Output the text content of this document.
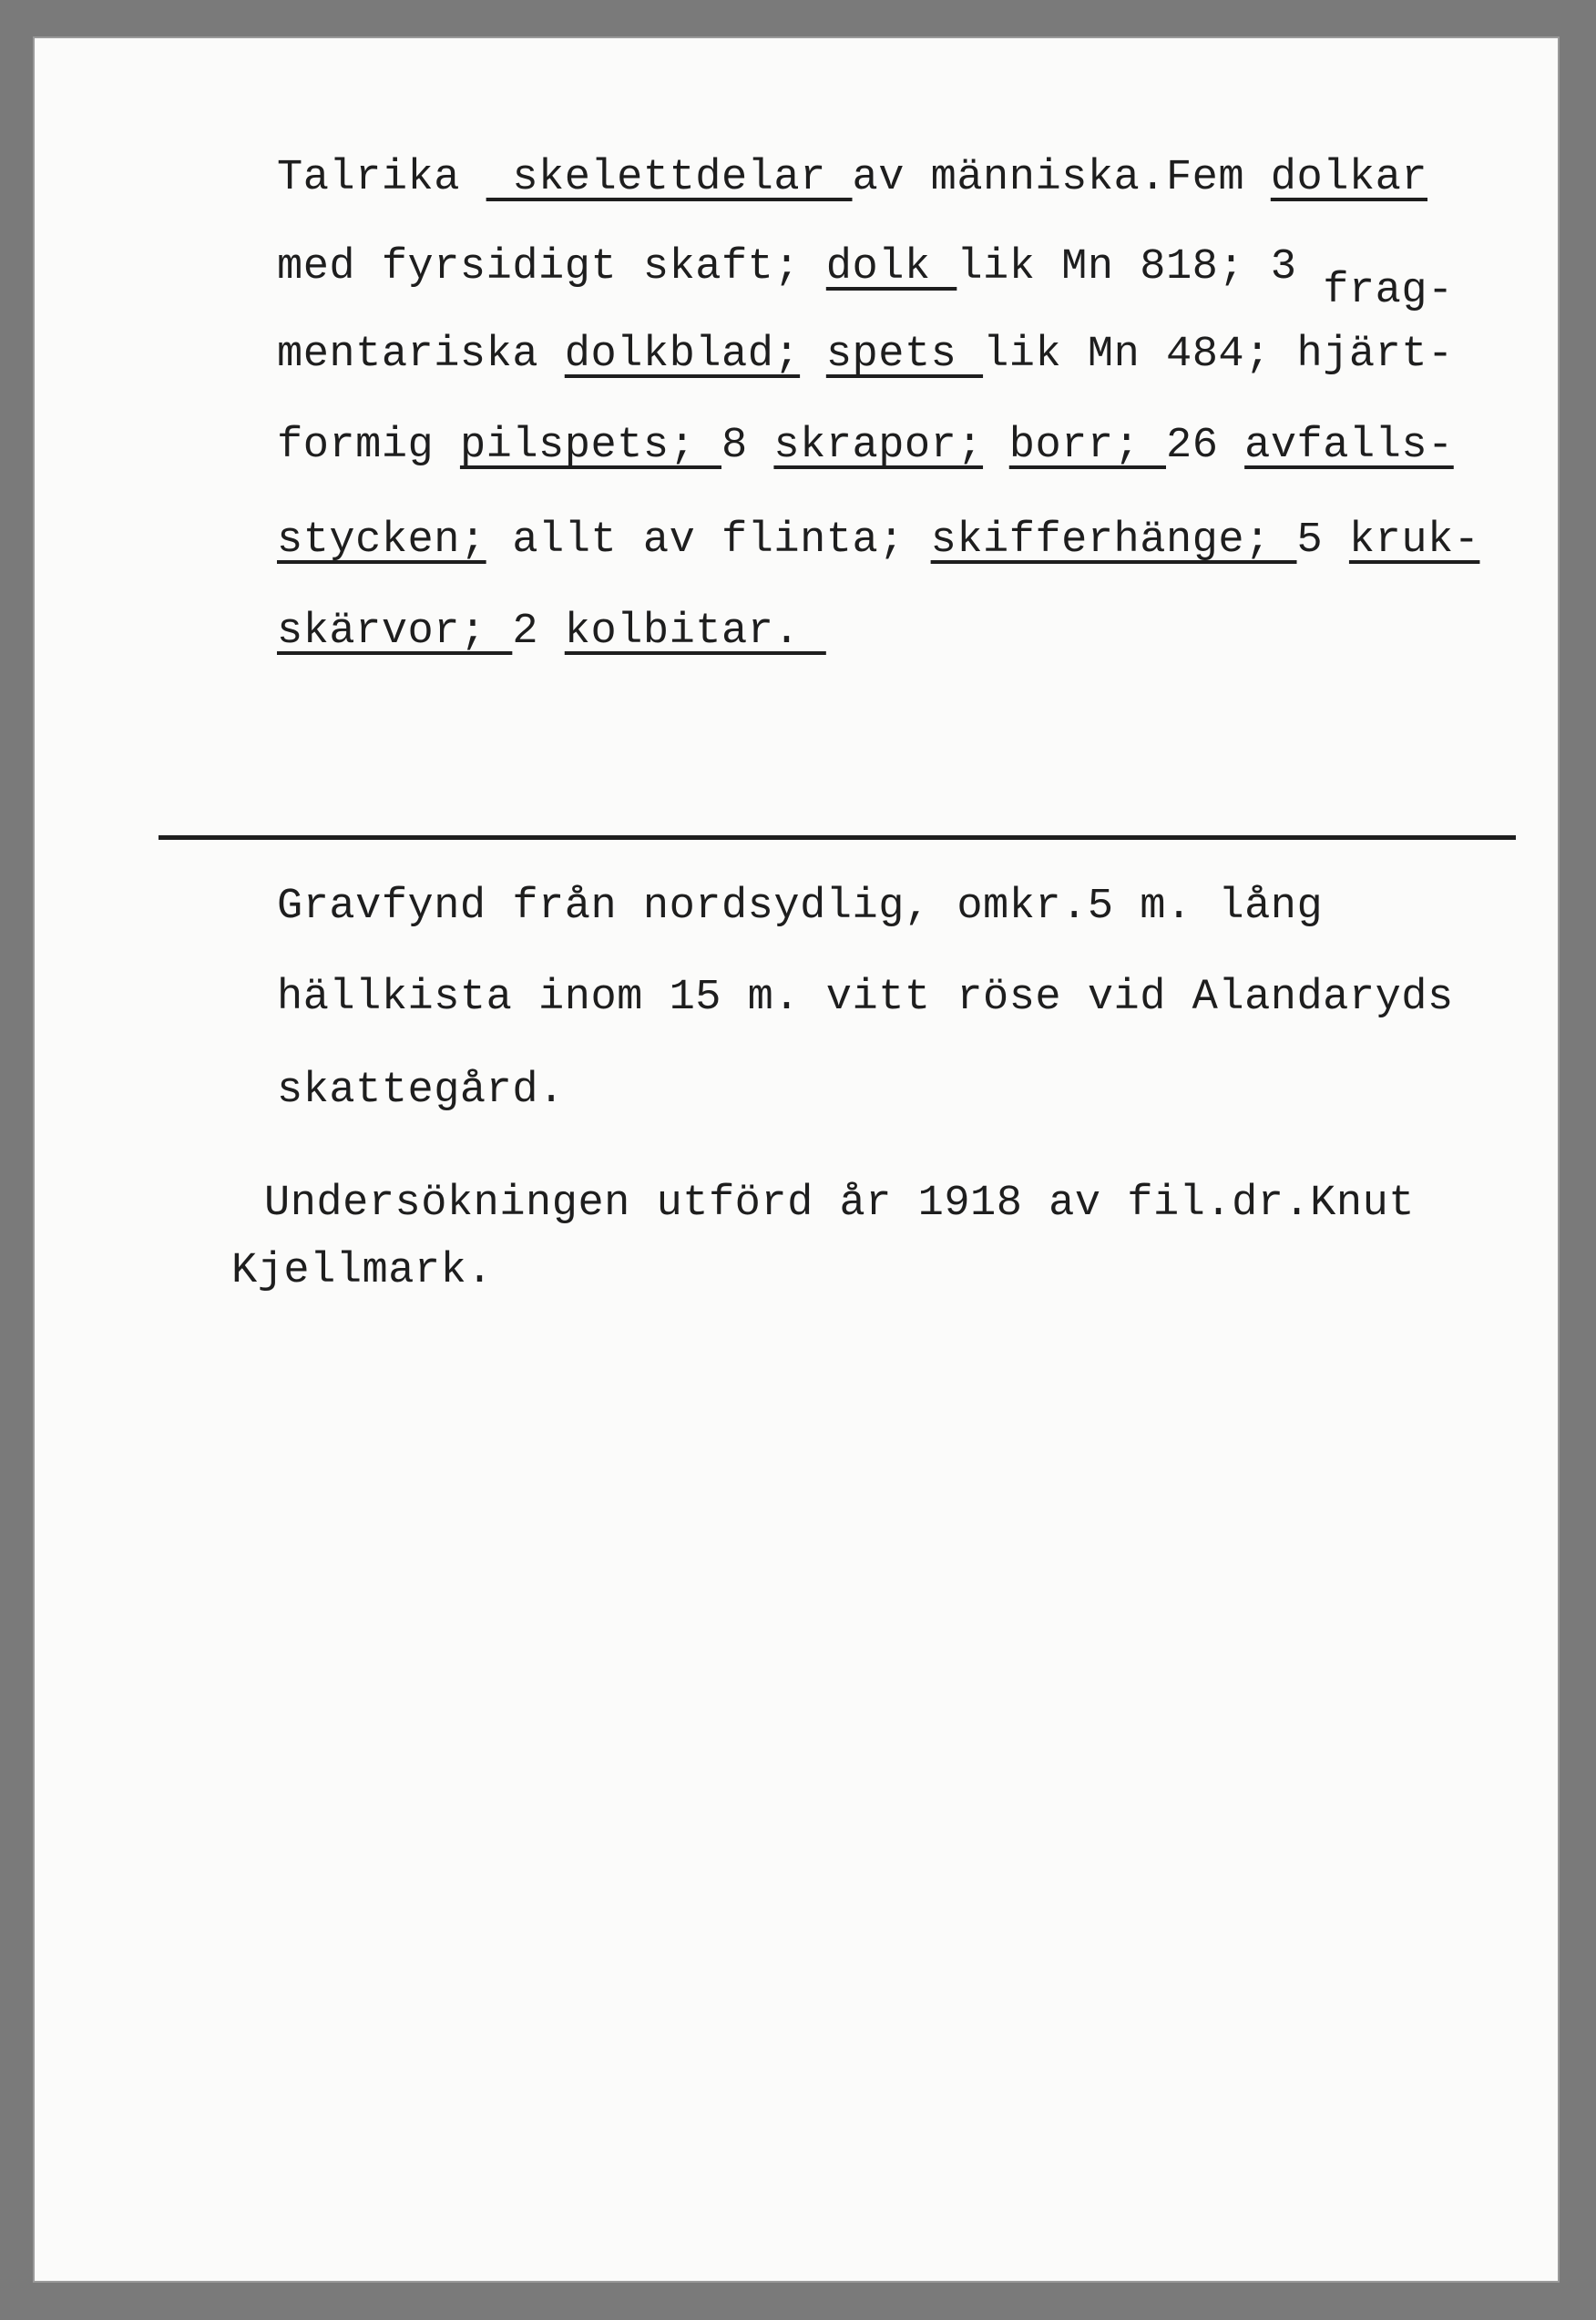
Talrika  skelettdelar av människa.Fem dolkar
med fyrsidigt skaft; dolk lik Mn 818; 3 frag-
mentariska dolkblad; spets lik Mn 484; hjärt-
formig pilspets; 8 skrapor; borr; 26 avfalls-
stycken; allt av flinta; skifferhänge; 5 kruk-
skärvor; 2 kolbitar.
Gravfynd från nordsydlig, omkr.5 m. lång
hällkista inom 15 m. vitt röse vid Alandaryds
skattegård.
Undersökningen utförd år 1918 av fil.dr.Knut
Kjellmark.
